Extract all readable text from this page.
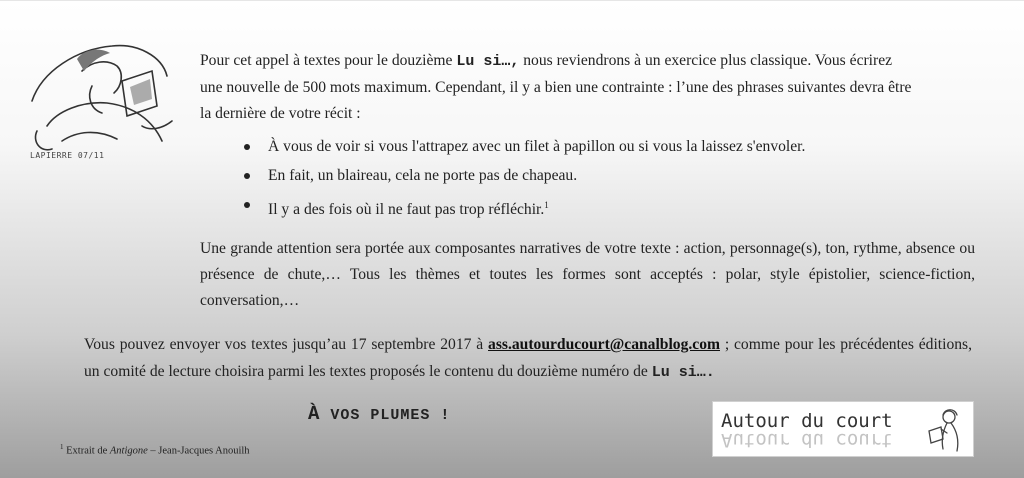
LAPIERRE 07/11

Pour cet appel à textes pour le douzième Lu si…, nous reviendrons à un exercice plus classique. Vous écrirez
une nouvelle de 500 mots maximum. Cependant, il y a bien une contrainte : l’une des phrases suivantes devra être
la dernière de votre récit :

À vous de voir si vous l'attrapez avec un filet à papillon ou si vous la laissez s'envoler.
En fait, un blaireau, cela ne porte pas de chapeau.
Il y a des fois où il ne faut pas trop réfléchir.$^1$

Une grande attention sera portée aux composantes narratives de votre texte : action, personnage(s), ton, rythme, absence ou présence de chute,… Tous les thèmes et toutes les formes sont acceptés : polar, style épistolier, science-fiction, conversation,…

Vous pouvez envoyer vos textes jusqu’au 17 septembre 2017 à ass.autourducourt@canalblog.com ; comme pour les précédentes éditions, un comité de lecture choisira parmi les textes proposés le contenu du douzième numéro de Lu si….

À VOS PLUMES !
$^1$ Extrait de Antigone – Jean-Jacques Anouilh
Autour du court
Autour du court
